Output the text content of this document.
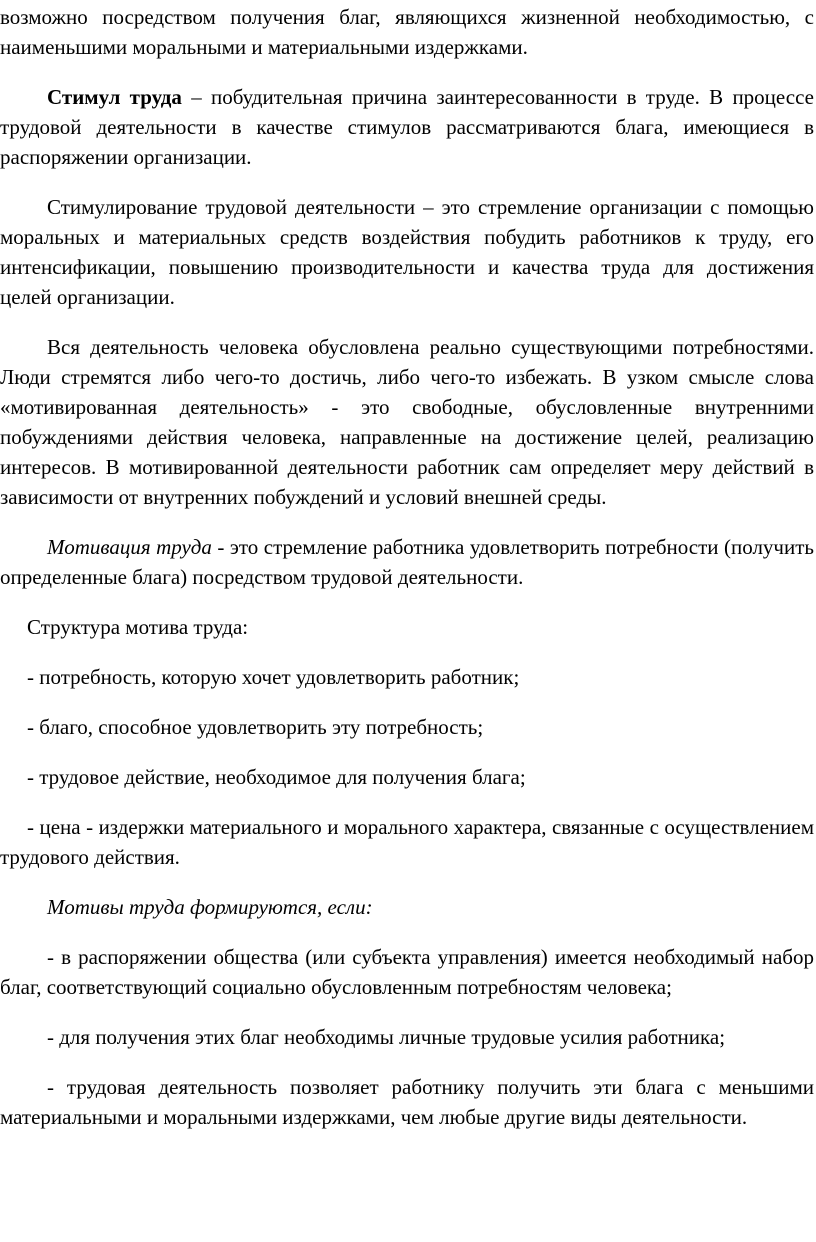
возможно посредством получения благ, являющихся жизненной необходимостью, с наименьшими моральными и материальными издержками.

Стимул труда – побудительная причина заинтересованности в труде. В процессе трудовой деятельности в качестве стимулов рассматриваются блага, имеющиеся в распоряжении организации.

Стимулирование трудовой деятельности – это стремление организации с помощью моральных и материальных средств воздействия побудить работников к труду, его интенсификации, повышению производительности и качества труда для достижения целей организации.

Вся деятельность человека обусловлена реально существующими потребностями. Люди стремятся либо чего-то достичь, либо чего-то избежать. В узком смысле слова «мотивированная деятельность» - это свободные, обусловленные внутренними побуждениями действия человека, направленные на достижение целей, реализацию интересов. В мотивированной деятельности работник сам определяет меру действий в зависимости от внутренних побуждений и условий внешней среды.

Мотивация труда - это стремление работника удовлетворить потребности (получить определенные блага) посредством трудовой деятельности.

Структура мотива труда:

- потребность, которую хочет удовлетворить работник;

- благо, способное удовлетворить эту потребность;

- трудовое действие, необходимое для получения блага;

- цена - издержки материального и морального характера, связанные с осуществлением трудового действия.

Мотивы труда формируются, если:

- в распоряжении общества (или субъекта управления) имеется необходимый набор благ, соответствующий социально обусловленным потребностям человека;

- для получения этих благ необходимы личные трудовые усилия работника;

- трудовая деятельность позволяет работнику получить эти блага с меньшими материальными и моральными издержками, чем любые другие виды деятельности.
